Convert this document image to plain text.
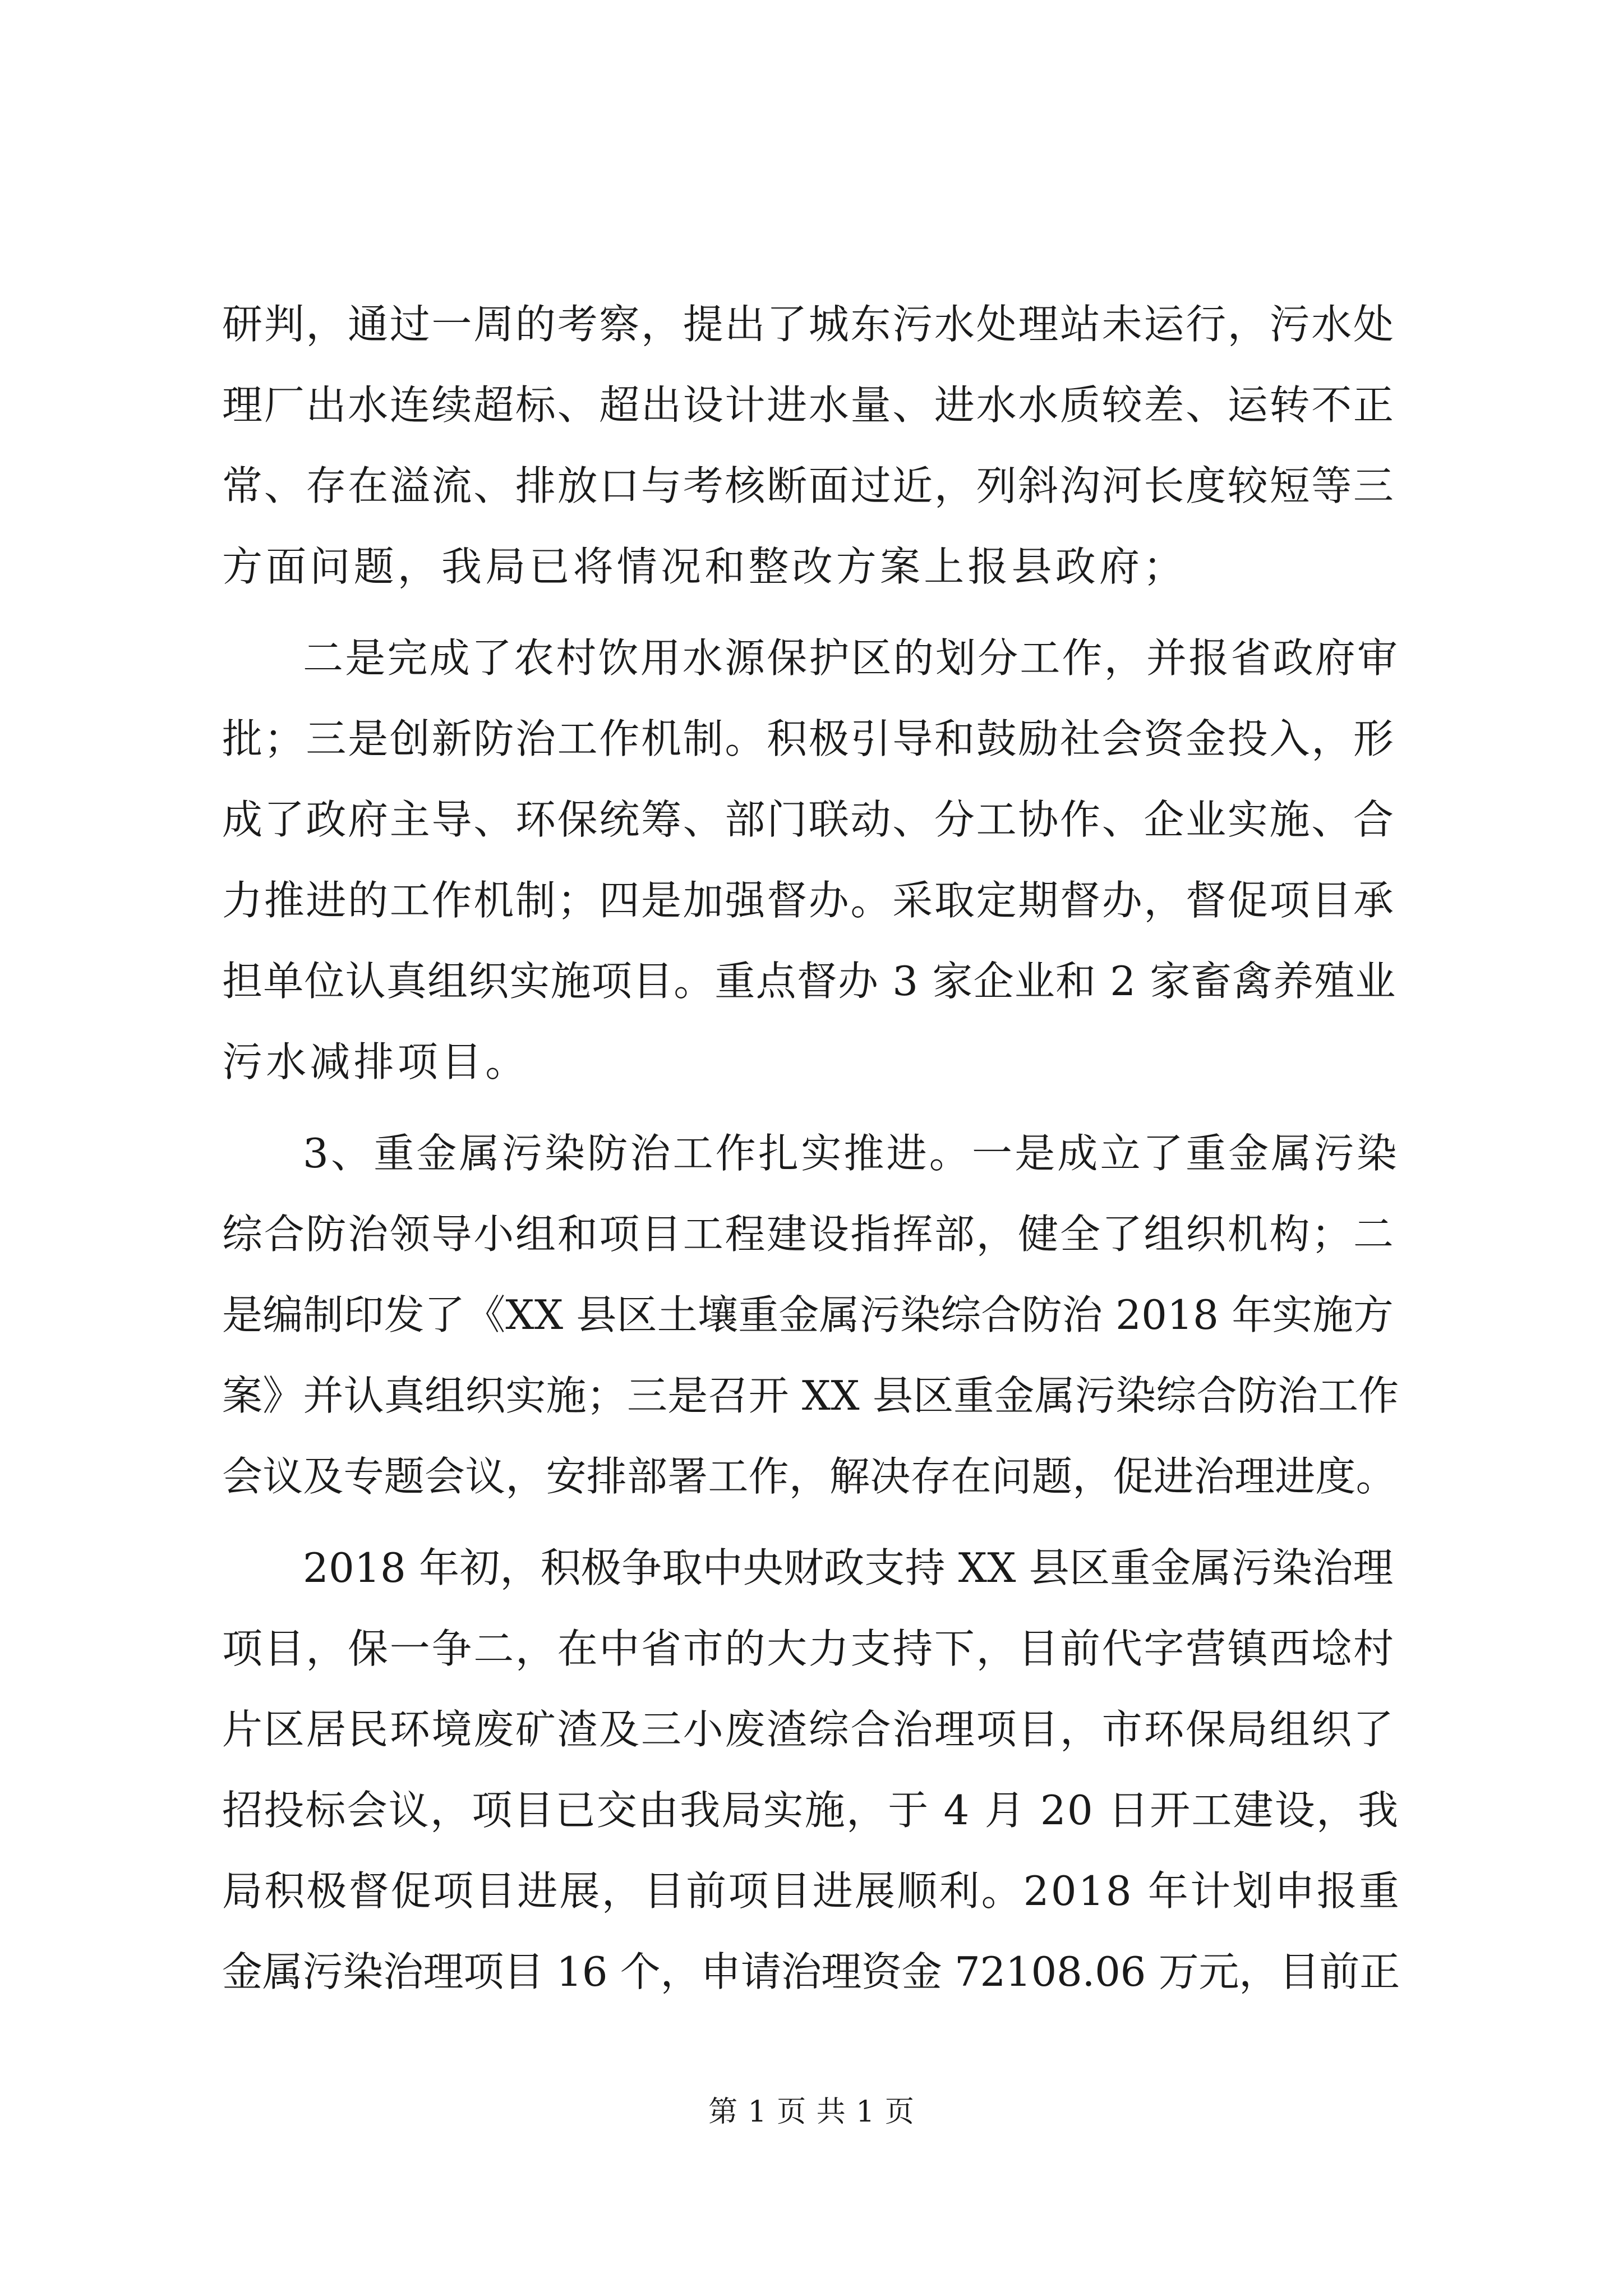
研判，通过一周的考察，提出了城东污水处理站未运行，污水处
理厂出水连续超标、超出设计进水量、进水水质较差、运转不正
常、存在溢流、排放口与考核断面过近，列斜沟河长度较短等三
方面问题，我局已将情况和整改方案上报县政府；
二是完成了农村饮用水源保护区的划分工作，并报省政府审
批；三是创新防治工作机制。积极引导和鼓励社会资金投入，形
成了政府主导、环保统筹、部门联动、分工协作、企业实施、合
力推进的工作机制；四是加强督办。采取定期督办，督促项目承
担单位认真组织实施项目。重点督办 3 家企业和 2 家畜禽养殖业
污水减排项目。
3、重金属污染防治工作扎实推进。一是成立了重金属污染
综合防治领导小组和项目工程建设指挥部，健全了组织机构；二
是编制印发了《XX 县区土壤重金属污染综合防治 2018 年实施方
案》并认真组织实施；三是召开 XX 县区重金属污染综合防治工作
会议及专题会议，安排部署工作，解决存在问题，促进治理进度。
2018 年初，积极争取中央财政支持 XX 县区重金属污染治理
项目，保一争二，在中省市的大力支持下，目前代字营镇西埝村
片区居民环境废矿渣及三小废渣综合治理项目，市环保局组织了
招投标会议，项目已交由我局实施，于 4 月 20 日开工建设，我
局积极督促项目进展，目前项目进展顺利。2018 年计划申报重
金属污染治理项目 16 个，申请治理资金 72108.06 万元，目前正
第 1 页 共 1 页
